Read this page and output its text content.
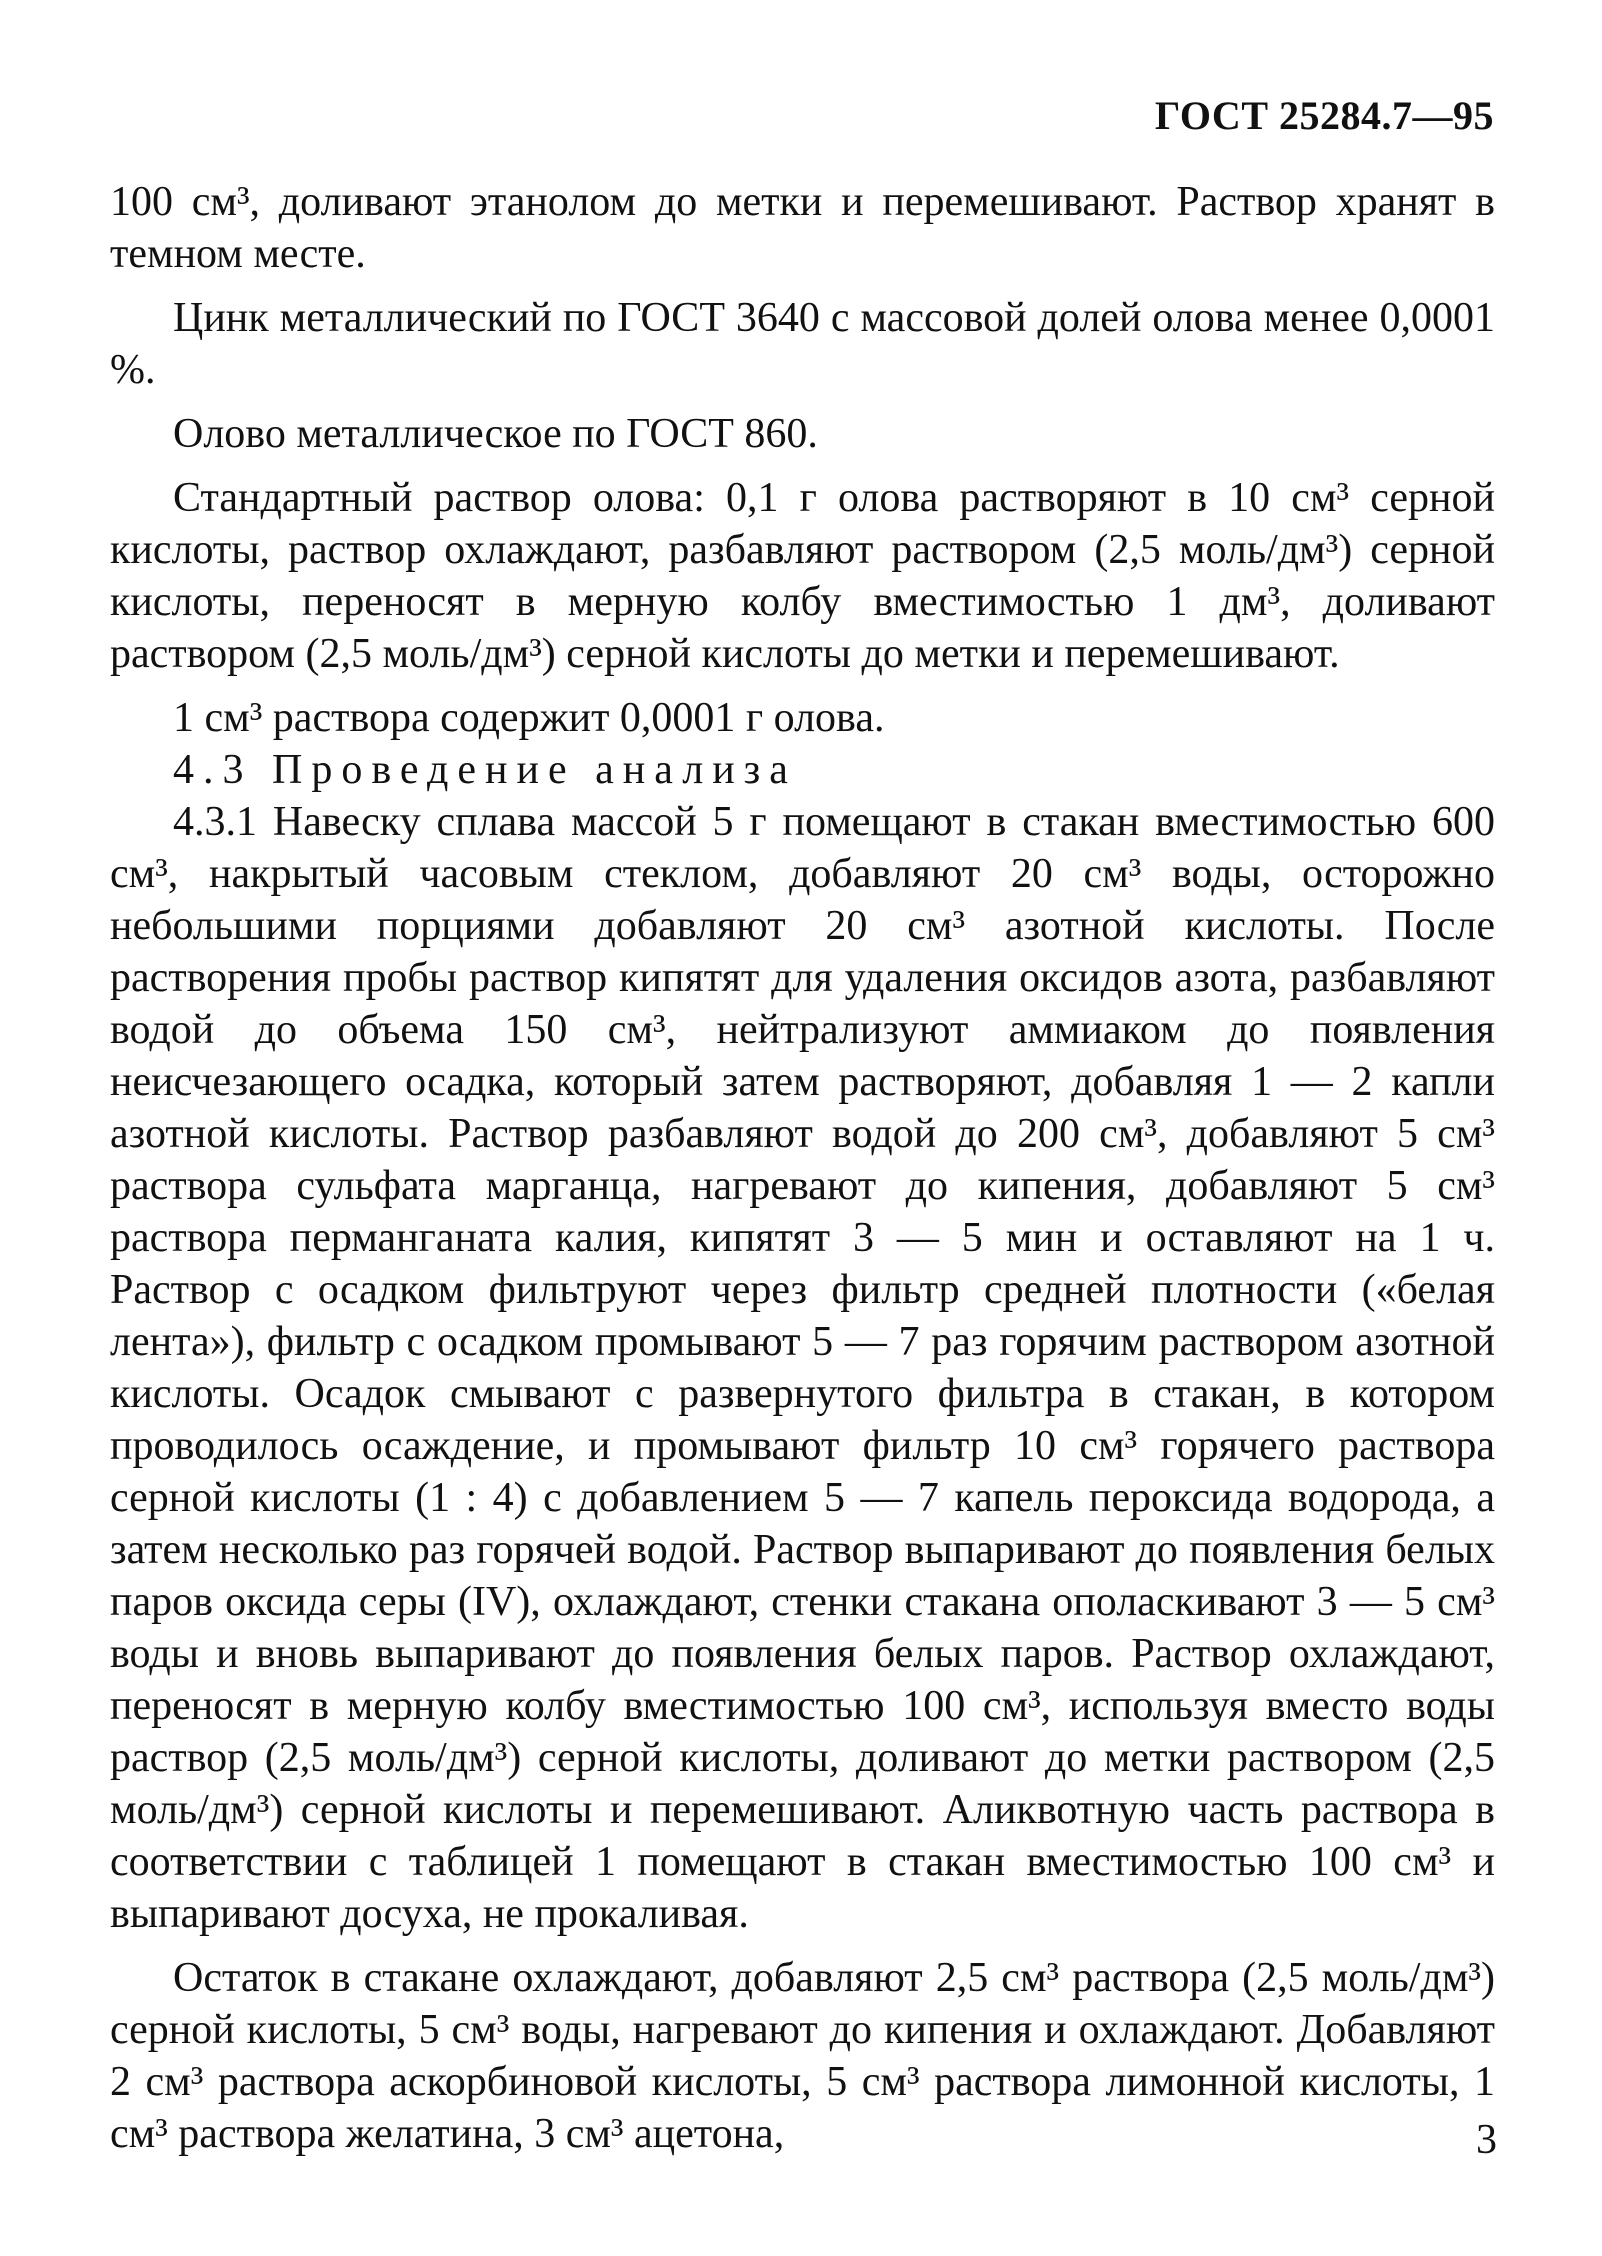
ГОСТ 25284.7—95

100 см³, доливают этанолом до метки и перемешивают. Раствор хранят в темном месте.

Цинк металлический по ГОСТ 3640 с массовой долей олова менее 0,0001 %.

Олово металлическое по ГОСТ 860.

Стандартный раствор олова: 0,1 г олова растворяют в 10 см³ серной кислоты, раствор охлаждают, разбавляют раствором (2,5 моль/дм³) серной кислоты, переносят в мерную колбу вместимостью 1 дм³, доливают раствором (2,5 моль/дм³) серной кислоты до метки и перемешивают.

1 см³ раствора содержит 0,0001 г олова.

4.3 Проведение анализа

4.3.1 Навеску сплава массой 5 г помещают в стакан вместимостью 600 см³, накрытый часовым стеклом, добавляют 20 см³ воды, осторожно небольшими порциями добавляют 20 см³ азотной кислоты. После растворения пробы раствор кипятят для удаления оксидов азота, разбавляют водой до объема 150 см³, нейтрализуют аммиаком до появления неисчезающего осадка, который затем растворяют, добавляя 1 — 2 капли азотной кислоты. Раствор разбавляют водой до 200 см³, добавляют 5 см³ раствора сульфата марганца, нагревают до кипения, добавляют 5 см³ раствора перманганата калия, кипятят 3 — 5 мин и оставляют на 1 ч. Раствор с осадком фильтруют через фильтр средней плотности («белая лента»), фильтр с осадком промывают 5 — 7 раз горячим раствором азотной кислоты. Осадок смывают с развернутого фильтра в стакан, в котором проводилось осаждение, и промывают фильтр 10 см³ горячего раствора серной кислоты (1 : 4) с добавлением 5 — 7 капель пероксида водорода, а затем несколько раз горячей водой. Раствор выпаривают до появления белых паров оксида серы (IV), охлаждают, стенки стакана ополаскивают 3 — 5 см³ воды и вновь выпаривают до появления белых паров. Раствор охлаждают, переносят в мерную колбу вместимостью 100 см³, используя вместо воды раствор (2,5 моль/дм³) серной кислоты, доливают до метки раствором (2,5 моль/дм³) серной кислоты и перемешивают. Аликвотную часть раствора в соответствии с таблицей 1 помещают в стакан вместимостью 100 см³ и выпаривают досуха, не прокаливая.

Остаток в стакане охлаждают, добавляют 2,5 см³ раствора (2,5 моль/дм³) серной кислоты, 5 см³ воды, нагревают до кипения и охлаждают. Добавляют 2 см³ раствора аскорбиновой кислоты, 5 см³ раствора лимонной кислоты, 1 см³ раствора желатина, 3 см³ ацетона,	3
